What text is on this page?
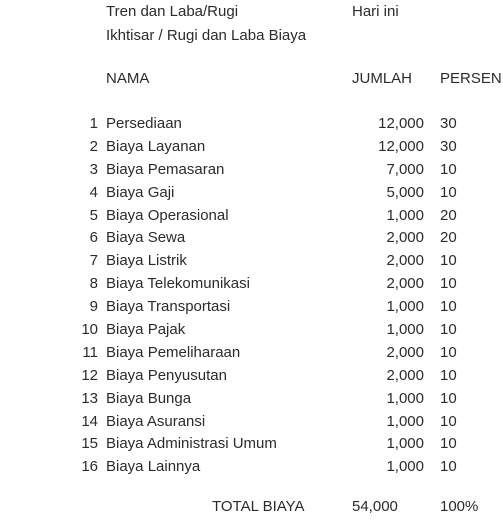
Tren dan Laba/Rugi	Hari ini
Ikhtisar / Rugi dan Laba Biaya
NAMA	JUMLAH PERSEN
1 Persediaan	12,000 30
2 Biaya Layanan	12,000 30
3 Biaya Pemasaran	7,000 10
4 Biaya Gaji	5,000 10
5 Biaya Operasional	1,000 20
6 Biaya Sewa	2,000 20
7 Biaya Listrik	2,000 10
8 Biaya Telekomunikasi	2,000 10
9 Biaya Transportasi	1,000 10
10 Biaya Pajak	1,000 10
11 Biaya Pemeliharaan	2,000 10
12 Biaya Penyusutan	2,000 10
13 Biaya Bunga	1,000 10
14 Biaya Asuransi	1,000 10
15 Biaya Administrasi Umum	1,000 10
16 Biaya Lainnya	1,000 10
TOTAL BIAYA	54,000	100%
